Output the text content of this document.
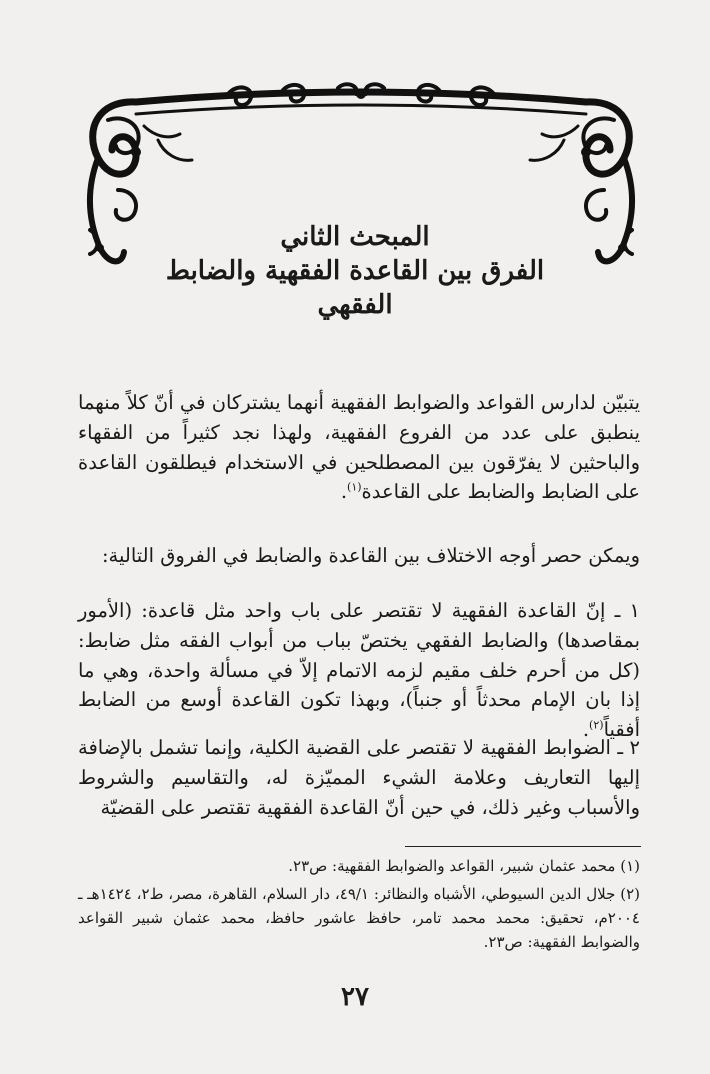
المبحث الثاني

الفرق بين القاعدة الفقهية والضابط الفقهي

يتبيّن لدارس القواعد والضوابط الفقهية أنهما يشتركان في أنّ كلاً منهما ينطبق على عدد من الفروع الفقهية، ولهذا نجد كثيراً من الفقهاء والباحثين لا يفرّقون بين المصطلحين في الاستخدام فيطلقون القاعدة على الضابط والضابط على القاعدة$^{(١)}$.

ويمكن حصر أوجه الاختلاف بين القاعدة والضابط في الفروق التالية:

١ ـ إنّ القاعدة الفقهية لا تقتصر على باب واحد مثل قاعدة: (الأمور بمقاصدها) والضابط الفقهي يختصّ بباب من أبواب الفقه مثل ضابط: (كل من أحرم خلف مقيم لزمه الاتمام إلاّ في مسألة واحدة، وهي ما إذا بان الإمام محدثاً أو جنباً)، وبهذا تكون القاعدة أوسع من الضابط أفقياً$^{(٢)}$.

٢ ـ الضوابط الفقهية لا تقتصر على القضية الكلية، وإنما تشمل بالإضافة إليها التعاريف وعلامة الشيء المميّزة له، والتقاسيم والشروط والأسباب وغير ذلك، في حين أنّ القاعدة الفقهية تقتصر على القضيّة

(١) محمد عثمان شبير، القواعد والضوابط الفقهية: ص٢٣.

(٢) جلال الدين السيوطي، الأشباه والنظائر: ٤٩/١، دار السلام، القاهرة، مصر، ط٢، ١٤٢٤هـ ـ ٢٠٠٤م، تحقيق: محمد محمد تامر، حافظ عاشور حافظ، محمد عثمان شبير القواعد والضوابط الفقهية: ص٢٣.

٢٧
